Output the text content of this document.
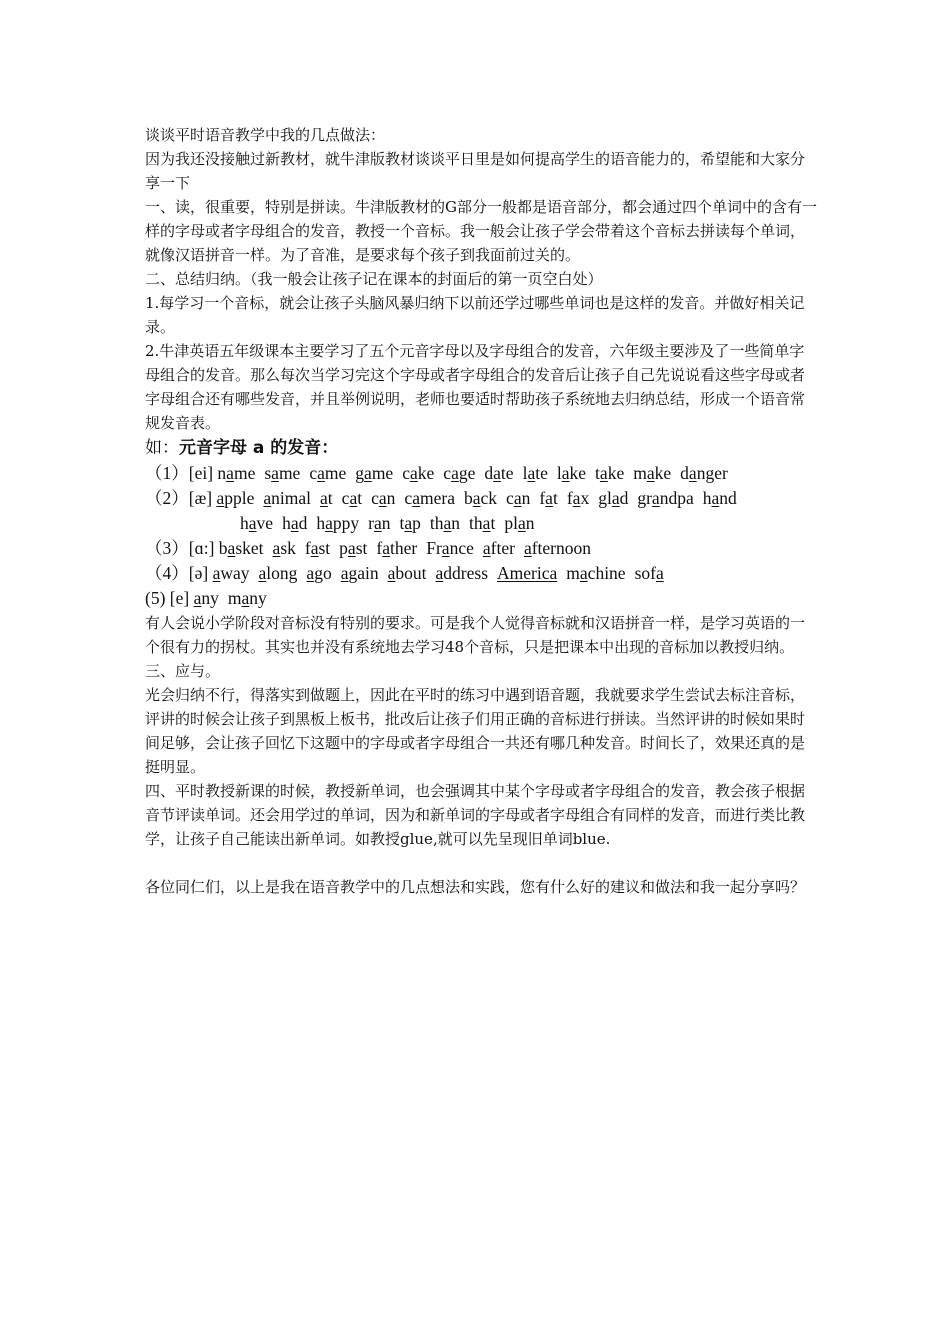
谈谈平时语音教学中我的几点做法：

因为我还没接触过新教材，就牛津版教材谈谈平日里是如何提高学生的语音能力的，希望能和大家分享一下

一、读，很重要，特别是拼读。牛津版教材的G部分一般都是语音部分，都会通过四个单词中的含有一样的字母或者字母组合的发音，教授一个音标。我一般会让孩子学会带着这个音标去拼读每个单词，就像汉语拼音一样。为了音准，是要求每个孩子到我面前过关的。

二、总结归纳。（我一般会让孩子记在课本的封面后的第一页空白处）

1.每学习一个音标，就会让孩子头脑风暴归纳下以前还学过哪些单词也是这样的发音。并做好相关记录。

2.牛津英语五年级课本主要学习了五个元音字母以及字母组合的发音，六年级主要涉及了一些简单字母组合的发音。那么每次当学习完这个字母或者字母组合的发音后让孩子自己先说说看这些字母或者字母组合还有哪些发音，并且举例说明，老师也要适时帮助孩子系统地去归纳总结，形成一个语音常规发音表。

如：元音字母 a 的发音：

（1）[ei] name same came game cake cage date late lake take make danger

（2）[æ] apple animal at cat can camera back can fat fax glad grandpa hand

have had happy ran tap than that plan

（3）[ɑ:] basket ask fast past father France after afternoon

（4）[ə] away along ago again about address America machine sofa

(5) [e] any many

有人会说小学阶段对音标没有特别的要求。可是我个人觉得音标就和汉语拼音一样，是学习英语的一个很有力的拐杖。其实也并没有系统地去学习48个音标，只是把课本中出现的音标加以教授归纳。

三、应与。

光会归纳不行，得落实到做题上，因此在平时的练习中遇到语音题，我就要求学生尝试去标注音标，评讲的时候会让孩子到黑板上板书，批改后让孩子们用正确的音标进行拼读。当然评讲的时候如果时间足够，会让孩子回忆下这题中的字母或者字母组合一共还有哪几种发音。时间长了，效果还真的是挺明显。

四、平时教授新课的时候，教授新单词，也会强调其中某个字母或者字母组合的发音，教会孩子根据音节评读单词。还会用学过的单词，因为和新单词的字母或者字母组合有同样的发音，而进行类比教学，让孩子自己能读出新单词。如教授glue,就可以先呈现旧单词blue.

各位同仁们，以上是我在语音教学中的几点想法和实践，您有什么好的建议和做法和我一起分享吗？
